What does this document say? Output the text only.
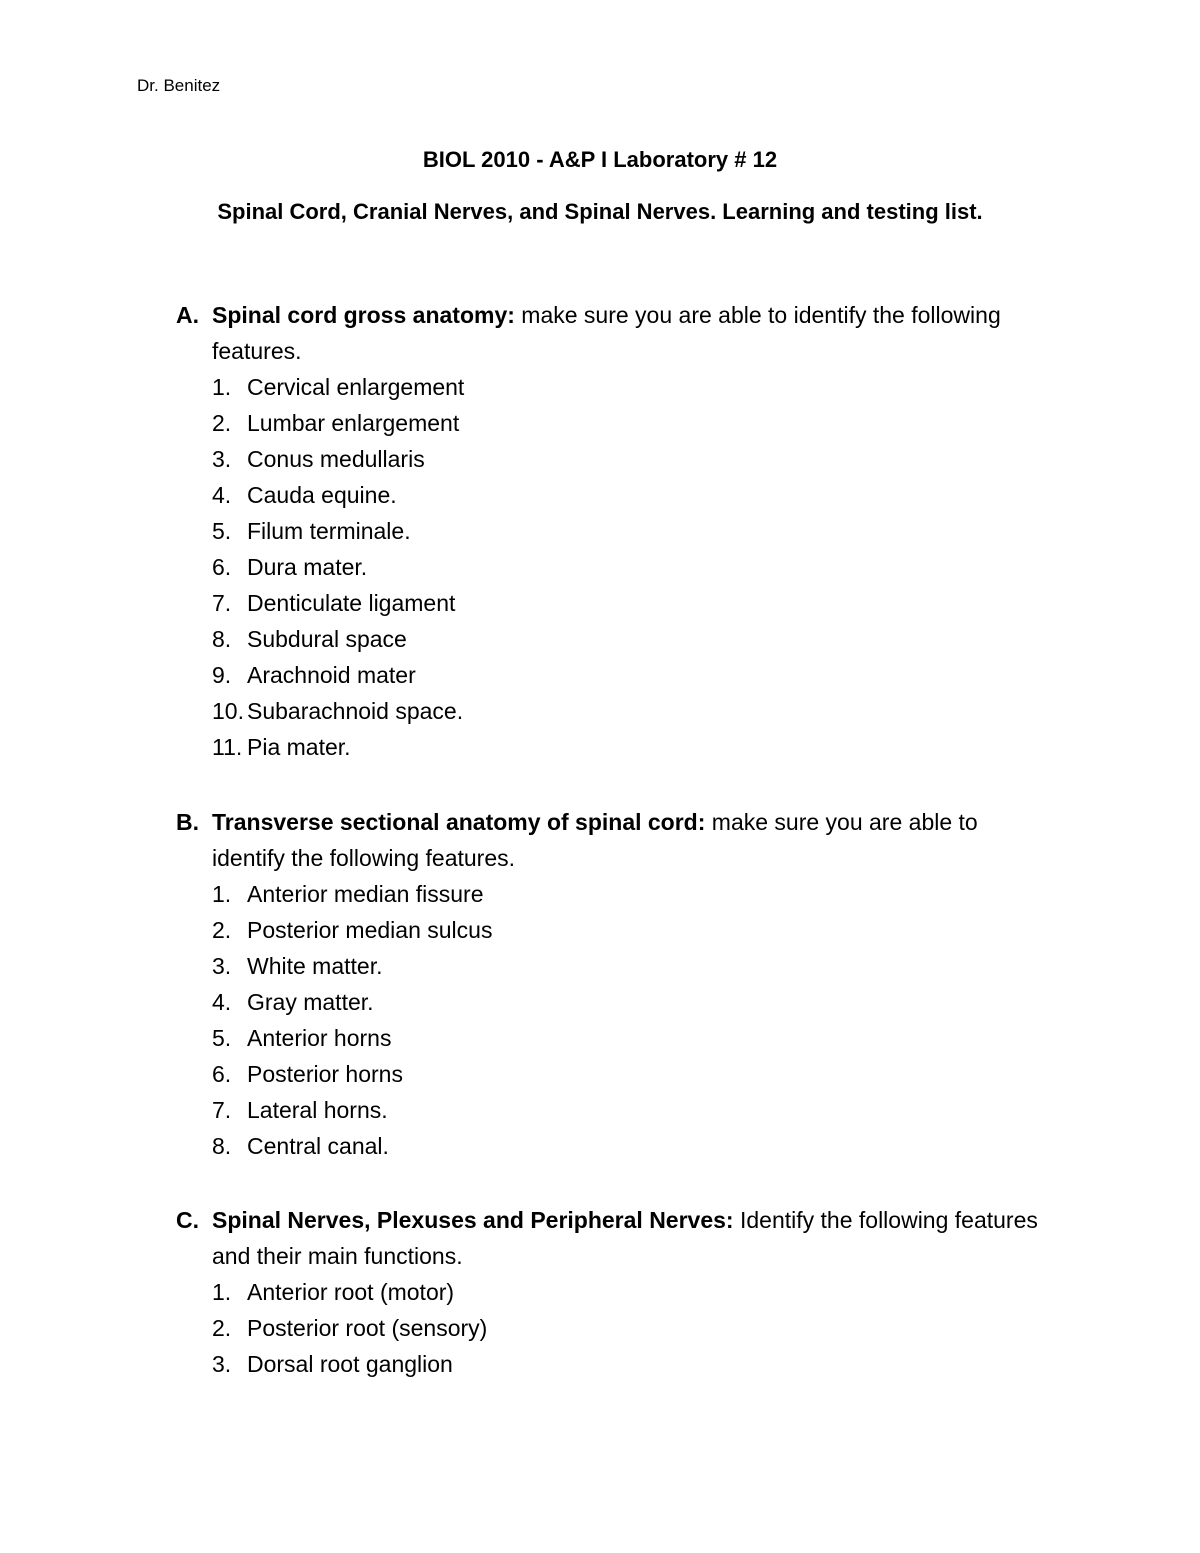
Dr. Benitez
BIOL 2010 - A&P I Laboratory # 12
Spinal Cord, Cranial Nerves, and Spinal Nerves. Learning and testing list.
A. Spinal cord gross anatomy: make sure you are able to identify the following features.
1. Cervical enlargement
2. Lumbar enlargement
3. Conus medullaris
4. Cauda equine.
5. Filum terminale.
6. Dura mater.
7. Denticulate ligament
8. Subdural space
9. Arachnoid mater
10. Subarachnoid space.
11. Pia mater.
B. Transverse sectional anatomy of spinal cord: make sure you are able to identify the following features.
1. Anterior median fissure
2. Posterior median sulcus
3. White matter.
4. Gray matter.
5. Anterior horns
6. Posterior horns
7. Lateral horns.
8. Central canal.
C. Spinal Nerves, Plexuses and Peripheral Nerves: Identify the following features and their main functions.
1. Anterior root (motor)
2. Posterior root (sensory)
3. Dorsal root ganglion
